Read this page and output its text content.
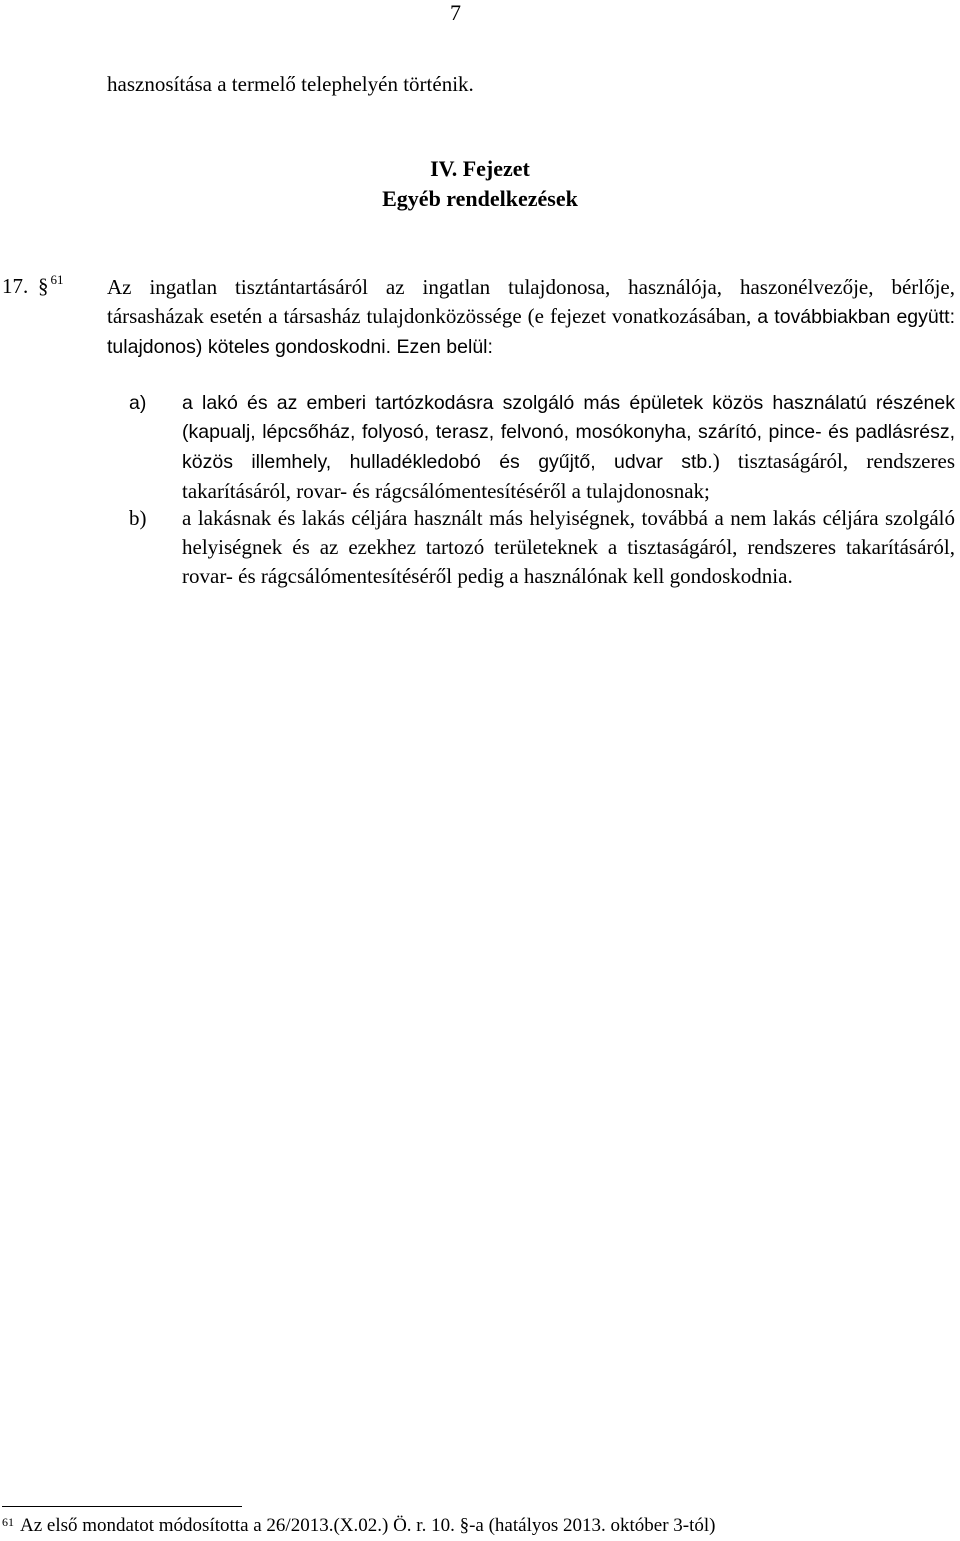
7
hasznosítása a termelő telephelyén történik.
IV. Fejezet
Egyéb rendelkezések
17. § $^{61}$ Az ingatlan tisztántartásáról az ingatlan tulajdonosa, használója, haszonélvezője, bérlője, társasházak esetén a társasház tulajdonközössége (e fejezet vonatkozásában, a továbbiakban együtt: tulajdonos) köteles gondoskodni. Ezen belül:
a) a lakó és az emberi tartózkodásra szolgáló más épületek közös használatú részének (kapualj, lépcsőház, folyosó, terasz, felvonó, mosókonyha, szárító, pince- és padlásrész, közös illemhely, hulladékledobó és gyűjtő, udvar stb.) tisztaságáról, rendszeres takarításáról, rovar- és rágcsálómentesítéséről a tulajdonosnak;
b) a lakásnak és lakás céljára használt más helyiségnek, továbbá a nem lakás céljára szolgáló helyiségnek és az ezekhez tartozó területeknek a tisztaságáról, rendszeres takarításáról, rovar- és rágcsálómentesítéséről pedig a használónak kell gondoskodnia.
$^{61}$ Az első mondatot módosította a 26/2013.(X.02.) Ö. r. 10. §-a (hatályos 2013. október 3-tól)
